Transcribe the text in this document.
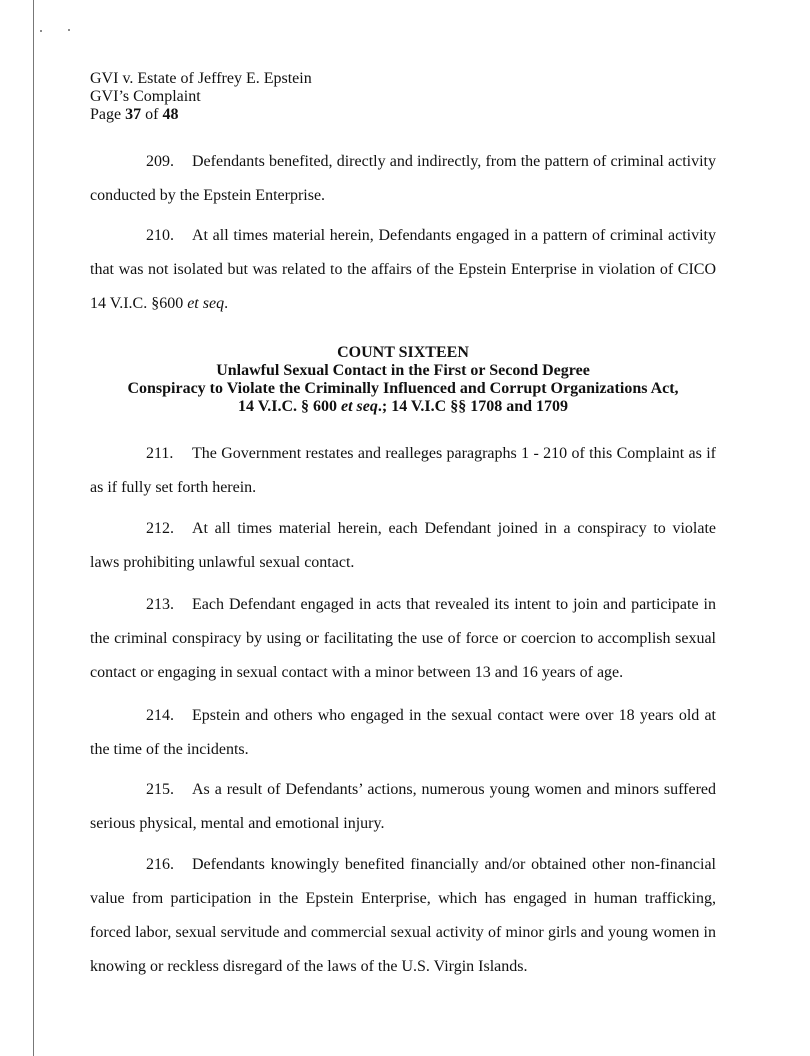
GVI v. Estate of Jeffrey E. Epstein
GVI’s Complaint
Page 37 of 48

209. Defendants benefited, directly and indirectly, from the pattern of criminal activity conducted by the Epstein Enterprise.

210. At all times material herein, Defendants engaged in a pattern of criminal activity that was not isolated but was related to the affairs of the Epstein Enterprise in violation of CICO 14 V.I.C. §600 et seq.

COUNT SIXTEEN
Unlawful Sexual Contact in the First or Second Degree
Conspiracy to Violate the Criminally Influenced and Corrupt Organizations Act,
14 V.I.C. § 600 et seq.; 14 V.I.C §§ 1708 and 1709

211. The Government restates and realleges paragraphs 1 - 210 of this Complaint as if as if fully set forth herein.

212. At all times material herein, each Defendant joined in a conspiracy to violate laws prohibiting unlawful sexual contact.

213. Each Defendant engaged in acts that revealed its intent to join and participate in the criminal conspiracy by using or facilitating the use of force or coercion to accomplish sexual contact or engaging in sexual contact with a minor between 13 and 16 years of age.

214. Epstein and others who engaged in the sexual contact were over 18 years old at the time of the incidents.

215. As a result of Defendants’ actions, numerous young women and minors suffered serious physical, mental and emotional injury.

216. Defendants knowingly benefited financially and/or obtained other non-financial value from participation in the Epstein Enterprise, which has engaged in human trafficking, forced labor, sexual servitude and commercial sexual activity of minor girls and young women in knowing or reckless disregard of the laws of the U.S. Virgin Islands.
